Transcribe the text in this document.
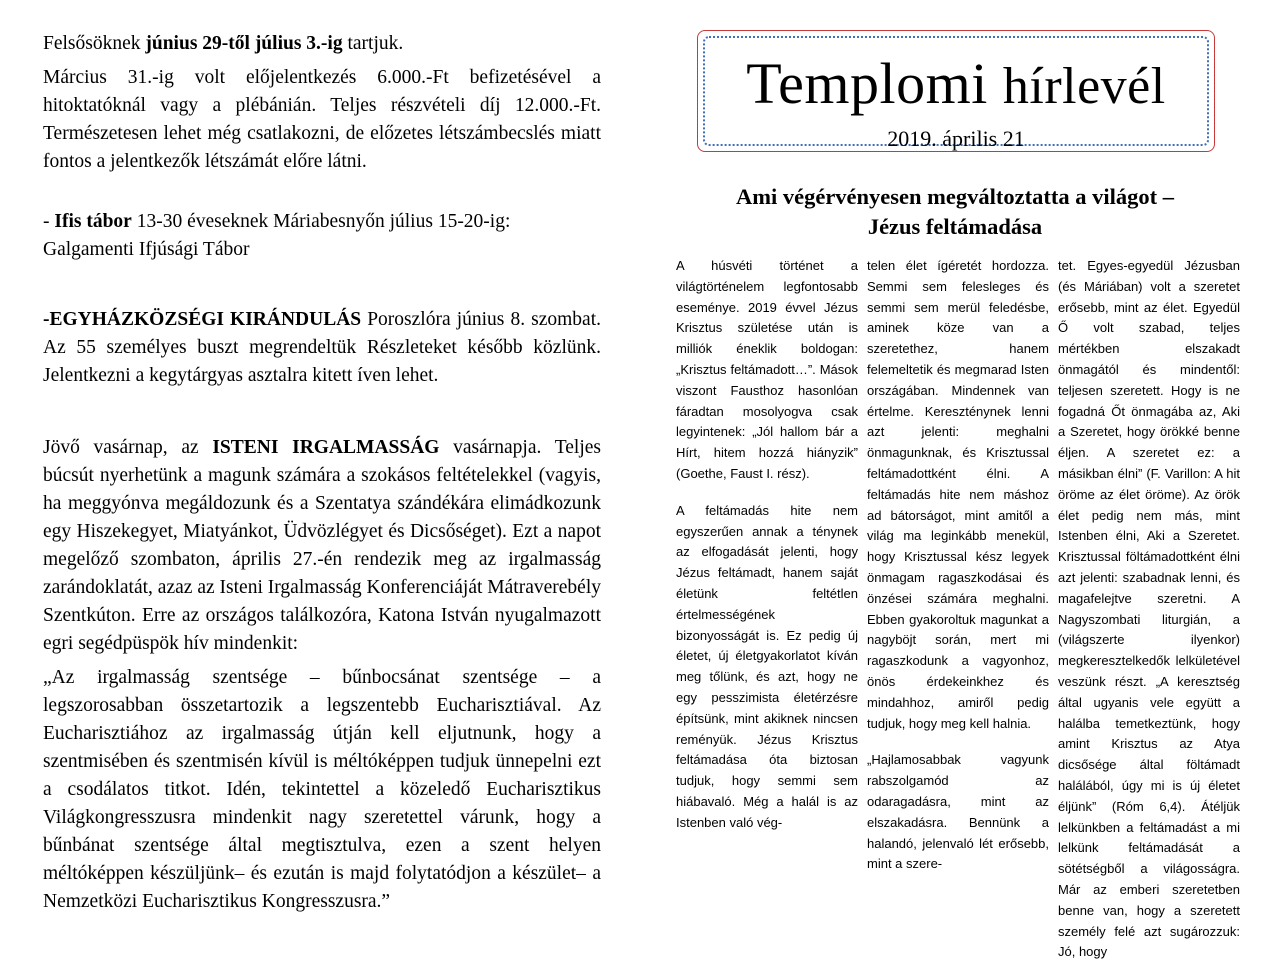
Felsősöknek június 29-től július 3.-ig tartjuk.

Március 31.-ig volt előjelentkezés 6.000.-Ft befizetésével a hitoktatóknál vagy a plébánián. Teljes részvételi díj 12.000.-Ft. Természetesen lehet még csatlakozni, de előzetes létszámbecslés miatt fontos a jelentkezők létszámát előre látni.

- Ifis tábor 13-30 éveseknek Máriabesnyőn július 15-20-ig:
Galgamenti Ifjúsági Tábor

-EGYHÁZKÖZSÉGI KIRÁNDULÁS Poroszlóra június 8. szombat. Az 55 személyes buszt megrendeltük Részleteket később közlünk. Jelentkezni a kegytárgyas asztalra kitett íven lehet.

Jövő vasárnap, az ISTENI IRGALMASSÁG vasárnapja. Teljes búcsút nyerhetünk a magunk számára a szokásos feltételekkel (vagyis, ha meggyónva megáldozunk és a Szentatya szándékára elimádkozunk egy Hiszekegyet, Miatyánkot, Üdvözlégyet és Dicsőséget). Ezt a napot megelőző szombaton, április 27.-én rendezik meg az irgalmasság zarándoklatát, azaz az Isteni Irgalmasság Konferenciáját Mátraverebély Szentkúton. Erre az országos találkozóra, Katona István nyugalmazott egri segédpüspök hív mindenkit:

„Az irgalmasság szentsége – bűnbocsánat szentsége – a legszorosabban összetartozik a legszentebb Eucharisztiával. Az Eucharisztiához az irgalmasság útján kell eljutnunk, hogy a szentmisében és szentmisén kívül is méltóképpen tudjuk ünnepelni ezt a csodálatos titkot. Idén, tekintettel a közeledő Eucharisztikus Világkongresszusra mindenkit nagy szeretettel várunk, hogy a bűnbánat szentsége által megtisztulva, ezen a szent helyen méltóképpen készüljünk– és ezután is majd folytatódjon a készület– a Nemzetközi Eucharisztikus Kongresszusra.”

Templomi hírlevél
2019. április 21
Ami végérvényesen megváltoztatta a világot –
Jézus feltámadása

A húsvéti történet a világtörténelem legfontosabb eseménye. 2019 évvel Jézus Krisztus születése után is milliók éneklik boldogan: „Krisztus feltámadott…”. Mások viszont Fausthoz hasonlóan fáradtan mosolyogva csak legyintenek: „Jól hallom bár a Hírt, hitem hozzá hiányzik” (Goethe, Faust I. rész).

A feltámadás hite nem egyszerűen annak a ténynek az elfogadását jelenti, hogy Jézus feltámadt, hanem saját életünk feltétlen értelmességének bizonyosságát is. Ez pedig új életet, új életgyakorlatot kíván meg tőlünk, és azt, hogy ne egy pesszimista életérzésre építsünk, mint akiknek nincsen reményük. Jézus Krisztus feltámadása óta biztosan tudjuk, hogy semmi sem hiábavaló. Még a halál is az Istenben való vég-

telen élet ígéretét hordozza. Semmi sem felesleges és semmi sem merül feledésbe, aminek köze van a szeretethez, hanem felemeltetik és megmarad Isten országában. Mindennek van értelme. Kereszténynek lenni azt jelenti: meghalni önmagunknak, és Krisztussal feltámadottként élni. A feltámadás hite nem máshoz ad bátorságot, mint amitől a világ ma leginkább menekül, hogy Krisztussal kész legyek önmagam ragaszkodásai és önzései számára meghalni. Ebben gyakoroltuk magunkat a nagyböjt során, mert mi ragaszkodunk a vagyonhoz, önös érdekeinkhez és mindahhoz, amiről pedig tudjuk, hogy meg kell halnia.

„Hajlamosabbak vagyunk rabszolgamód az odaragadásra, mint az elszakadásra. Bennünk a halandó, jelenvaló lét erősebb, mint a szere-

tet. Egyes-egyedül Jézusban (és Máriában) volt a szeretet erősebb, mint az élet. Egyedül Ő volt szabad, teljes mértékben elszakadt önmagától és mindentől: teljesen szeretett. Hogy is ne fogadná Őt önmagába az, Aki a Szeretet, hogy örökké benne éljen. A szeretet ez: a másikban élni” (F. Varillon: A hit öröme az élet öröme). Az örök élet pedig nem más, mint Istenben élni, Aki a Szeretet. Krisztussal föltámadottként élni azt jelenti: szabadnak lenni, és magafelejtve szeretni. A Nagyszombati liturgián, a (világszerte ilyenkor) megkeresztelkedők lelkületével veszünk részt. „A keresztség által ugyanis vele együtt a halálba temetkeztünk, hogy amint Krisztus az Atya dicsősége által föltámadt halálából, úgy mi is új életet éljünk” (Róm 6,4). Átéljük lelkünkben a feltámadást a mi lelkünk feltámadását a sötétségből a világosságra. Már az emberi szeretetben benne van, hogy a szeretett személy felé azt sugározzuk: Jó, hogy
